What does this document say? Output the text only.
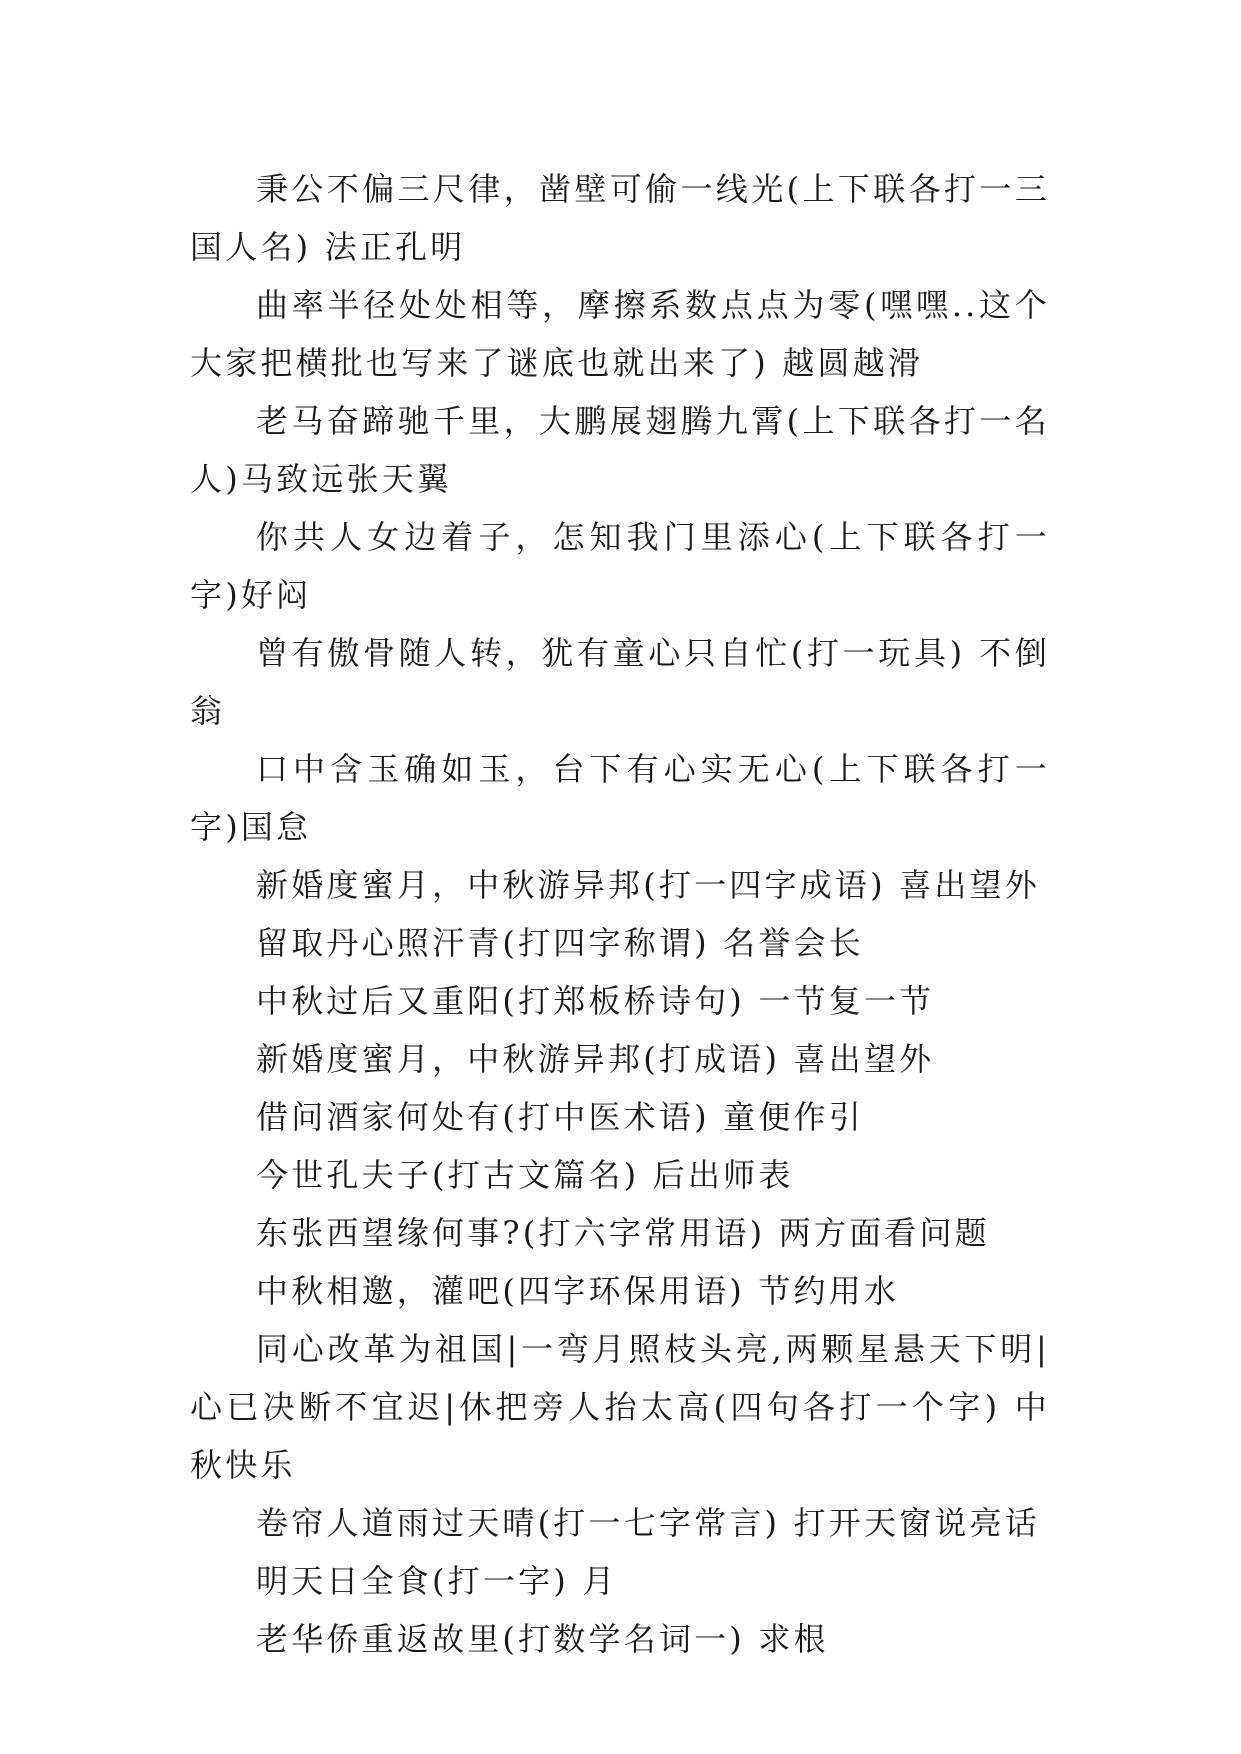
秉公不偏三尺律，凿壁可偷一线光(上下联各打一三国人名) 法正孔明

曲率半径处处相等，摩擦系数点点为零(嘿嘿..这个大家把横批也写来了谜底也就出来了) 越圆越滑

老马奋蹄驰千里，大鹏展翅腾九霄(上下联各打一名人)马致远张天翼

你共人女边着子，怎知我门里添心(上下联各打一字)好闷

曾有傲骨随人转，犹有童心只自忙(打一玩具) 不倒翁

口中含玉确如玉，台下有心实无心(上下联各打一字)国怠

新婚度蜜月，中秋游异邦(打一四字成语) 喜出望外

留取丹心照汗青(打四字称谓) 名誉会长

中秋过后又重阳(打郑板桥诗句) 一节复一节

新婚度蜜月，中秋游异邦(打成语) 喜出望外

借问酒家何处有(打中医术语) 童便作引

今世孔夫子(打古文篇名) 后出师表

东张西望缘何事?(打六字常用语) 两方面看问题

中秋相邀，灌吧(四字环保用语) 节约用水

同心改革为祖国|一弯月照枝头亮,两颗星悬天下明|心已决断不宜迟|休把旁人抬太高(四句各打一个字) 中秋快乐

卷帘人道雨过天晴(打一七字常言) 打开天窗说亮话

明天日全食(打一字) 月

老华侨重返故里(打数学名词一) 求根
